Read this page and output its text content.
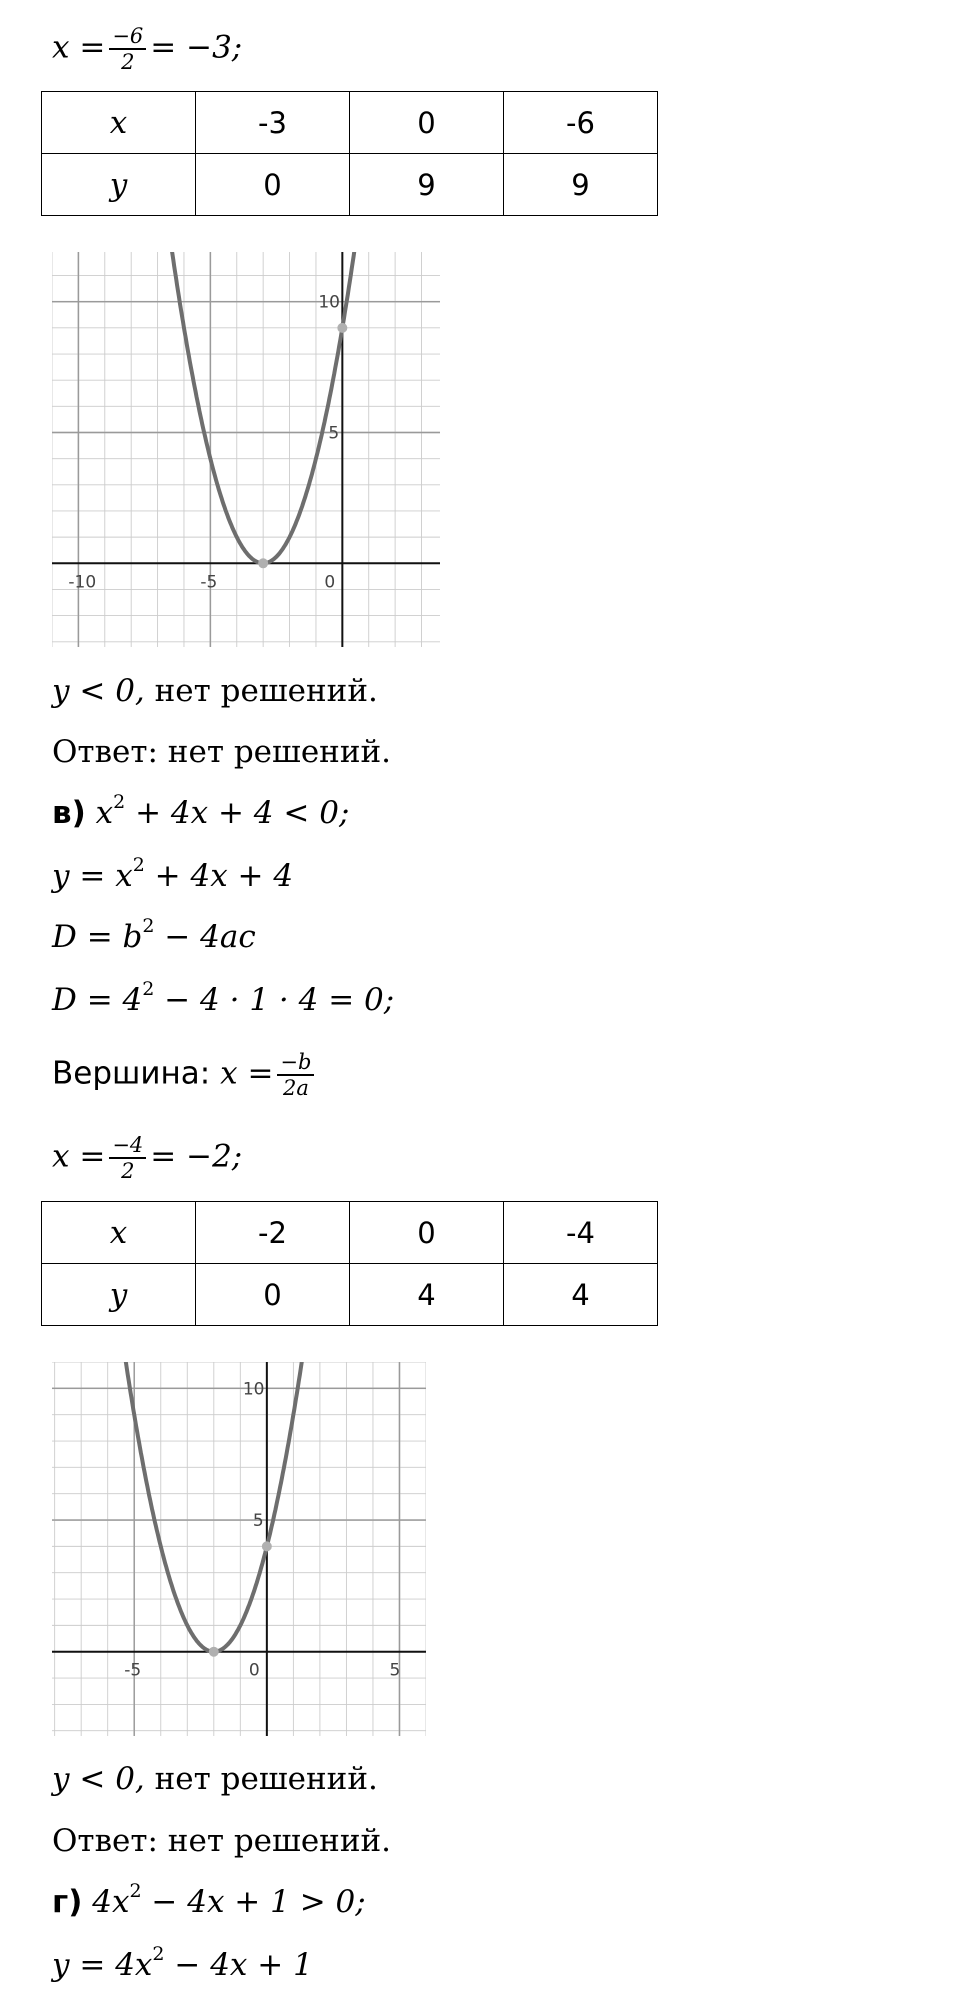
$x = \frac{-6}{2} = -3$;
x	-3	0	-6
y	0	9	9
-10	-5	0
5
10
y < 0, нет решений.
Ответ: нет решений.
в) $x^2 + 4x + 4 < 0$;
$y = x^2 + 4x + 4$
$D = b^2 - 4ac$
$D = 4^2 - 4 \cdot 1 \cdot 4 = 0$;
Вершина: $x = \frac{-b}{2a}$
$x = \frac{-4}{2} = -2$;
x	-2	0	-4
y	0	4	4
-5	0	5
5
10
y < 0, нет решений.
Ответ: нет решений.
г) $4x^2 - 4x + 1 > 0$;
$y = 4x^2 - 4x + 1$
